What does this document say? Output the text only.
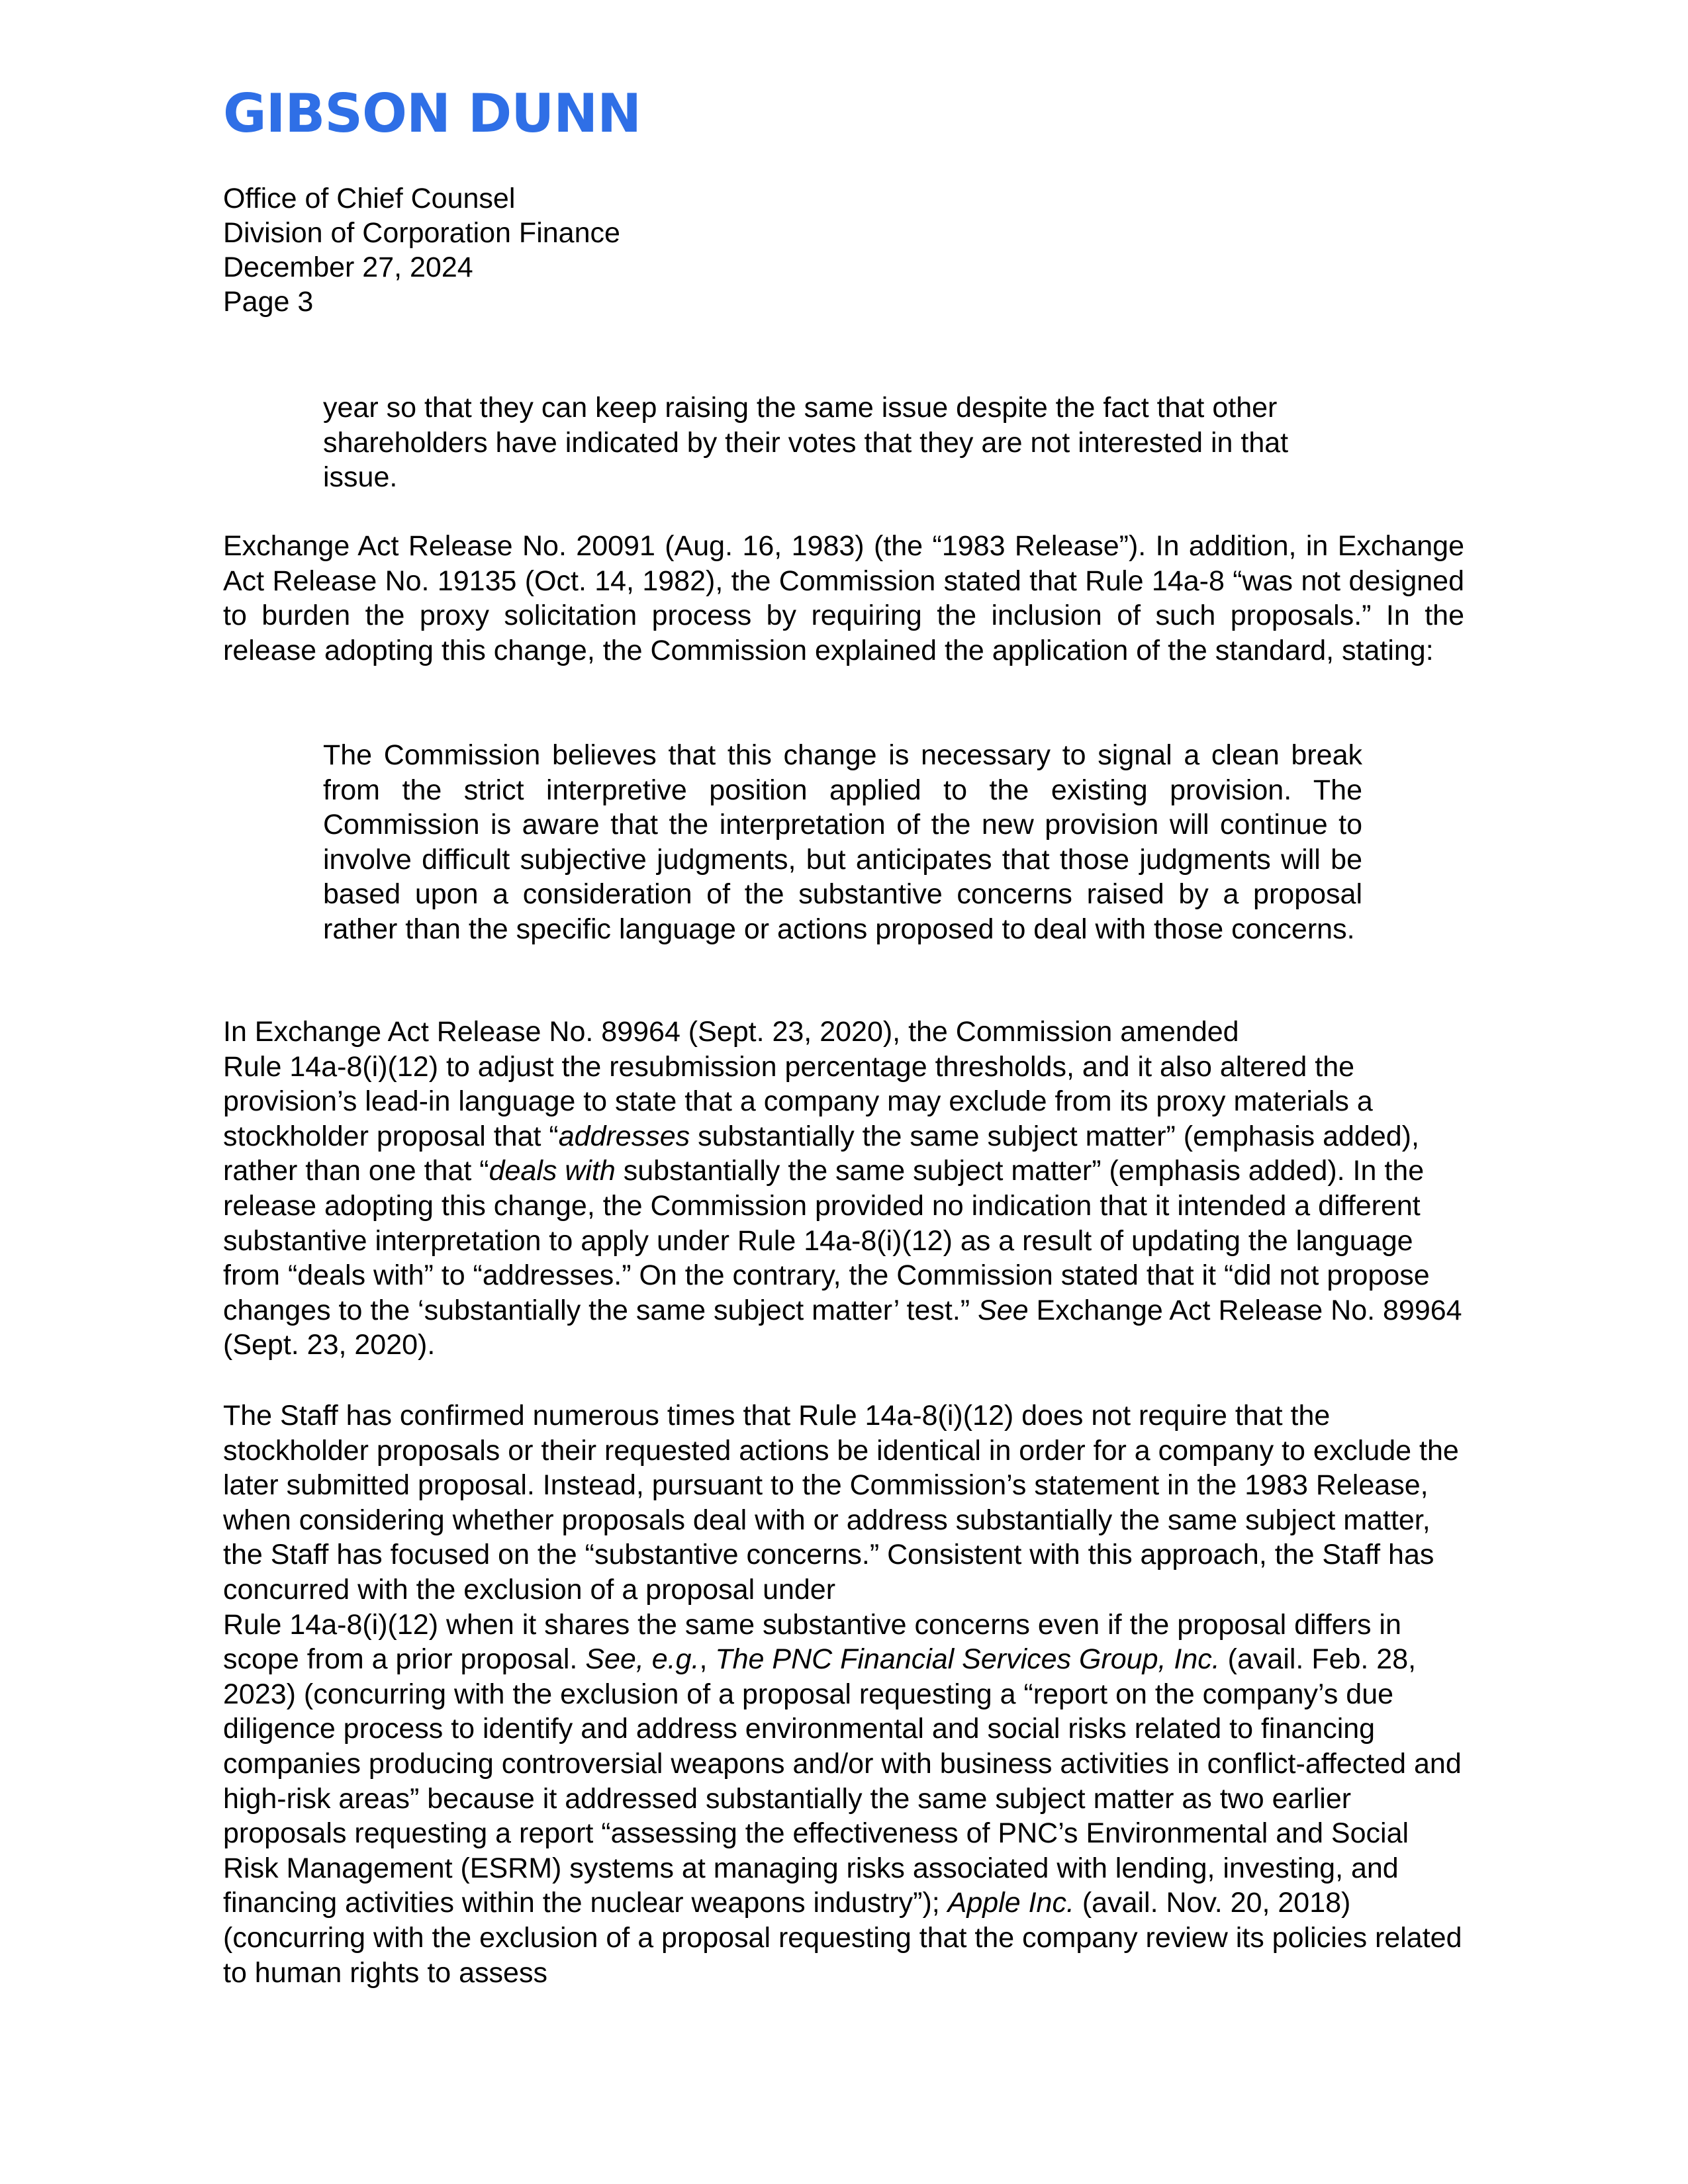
GIBSON DUNN
Office of Chief Counsel
Division of Corporation Finance
December 27, 2024
Page 3

year so that they can keep raising the same issue despite the fact that other shareholders have indicated by their votes that they are not interested in that issue.

Exchange Act Release No. 20091 (Aug. 16, 1983) (the “1983 Release”). In addition, in Exchange Act Release No. 19135 (Oct. 14, 1982), the Commission stated that Rule 14a-8 “was not designed to burden the proxy solicitation process by requiring the inclusion of such proposals.” In the release adopting this change, the Commission explained the application of the standard, stating:

The Commission believes that this change is necessary to signal a clean break from the strict interpretive position applied to the existing provision. The Commission is aware that the interpretation of the new provision will continue to involve difficult subjective judgments, but anticipates that those judgments will be based upon a consideration of the substantive concerns raised by a proposal rather than the specific language or actions proposed to deal with those concerns.

In Exchange Act Release No. 89964 (Sept. 23, 2020), the Commission amended
Rule 14a-8(i)(12) to adjust the resubmission percentage thresholds, and it also altered the provision’s lead-in language to state that a company may exclude from its proxy materials a stockholder proposal that “addresses substantially the same subject matter” (emphasis added), rather than one that “deals with substantially the same subject matter” (emphasis added). In the release adopting this change, the Commission provided no indication that it intended a different substantive interpretation to apply under Rule 14a-8(i)(12) as a result of updating the language from “deals with” to “addresses.” On the contrary, the Commission stated that it “did not propose changes to the ‘substantially the same subject matter’ test.” See Exchange Act Release No. 89964 (Sept. 23, 2020).

The Staff has confirmed numerous times that Rule 14a-8(i)(12) does not require that the stockholder proposals or their requested actions be identical in order for a company to exclude the later submitted proposal. Instead, pursuant to the Commission’s statement in the 1983 Release, when considering whether proposals deal with or address substantially the same subject matter, the Staff has focused on the “substantive concerns.” Consistent with this approach, the Staff has concurred with the exclusion of a proposal under
Rule 14a-8(i)(12) when it shares the same substantive concerns even if the proposal differs in scope from a prior proposal. See, e.g., The PNC Financial Services Group, Inc. (avail. Feb. 28, 2023) (concurring with the exclusion of a proposal requesting a “report on the company’s due diligence process to identify and address environmental and social risks related to financing companies producing controversial weapons and/or with business activities in conflict-affected and high-risk areas” because it addressed substantially the same subject matter as two earlier proposals requesting a report “assessing the effectiveness of PNC’s Environmental and Social Risk Management (ESRM) systems at managing risks associated with lending, investing, and financing activities within the nuclear weapons industry”); Apple Inc. (avail. Nov. 20, 2018) (concurring with the exclusion of a proposal requesting that the company review its policies related to human rights to assess
